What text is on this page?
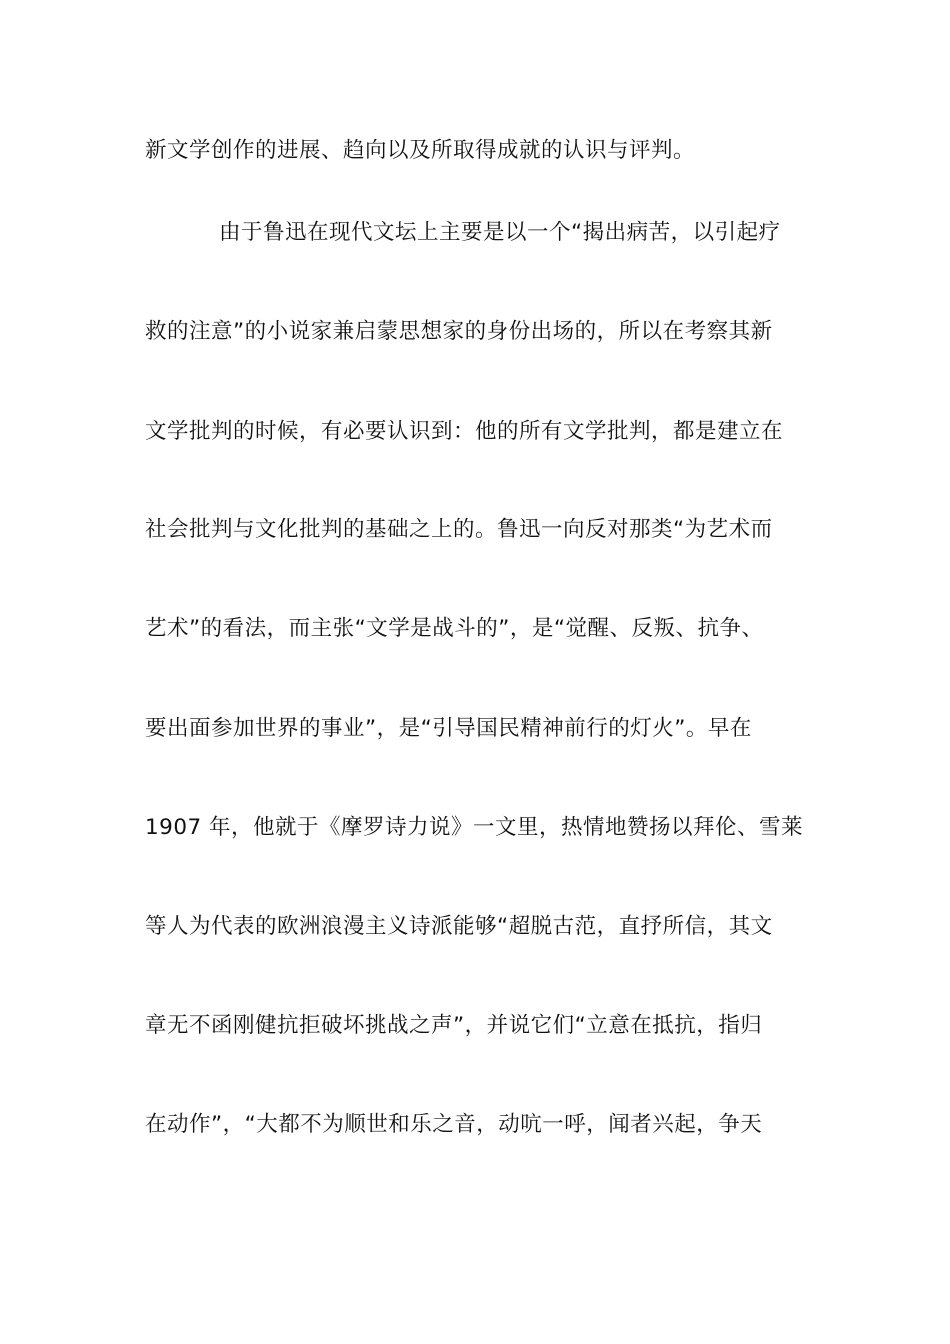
新文学创作的进展、趋向以及所取得成就的认识与评判。
由于鲁迅在现代文坛上主要是以一个“揭出病苦，以引起疗
救的注意”的小说家兼启蒙思想家的身份出场的，所以在考察其新
文学批判的时候，有必要认识到：他的所有文学批判，都是建立在
社会批判与文化批判的基础之上的。鲁迅一向反对那类“为艺术而
艺术”的看法，而主张“文学是战斗的”，是“觉醒、反叛、抗争、
要出面参加世界的事业”，是“引导国民精神前行的灯火”。早在
1907 年，他就于《摩罗诗力说》一文里，热情地赞扬以拜伦、雪莱
等人为代表的欧洲浪漫主义诗派能够“超脱古范，直抒所信，其文
章无不函刚健抗拒破坏挑战之声”，并说它们“立意在抵抗，指归
在动作”，“大都不为顺世和乐之音，动吭一呼，闻者兴起，争天
